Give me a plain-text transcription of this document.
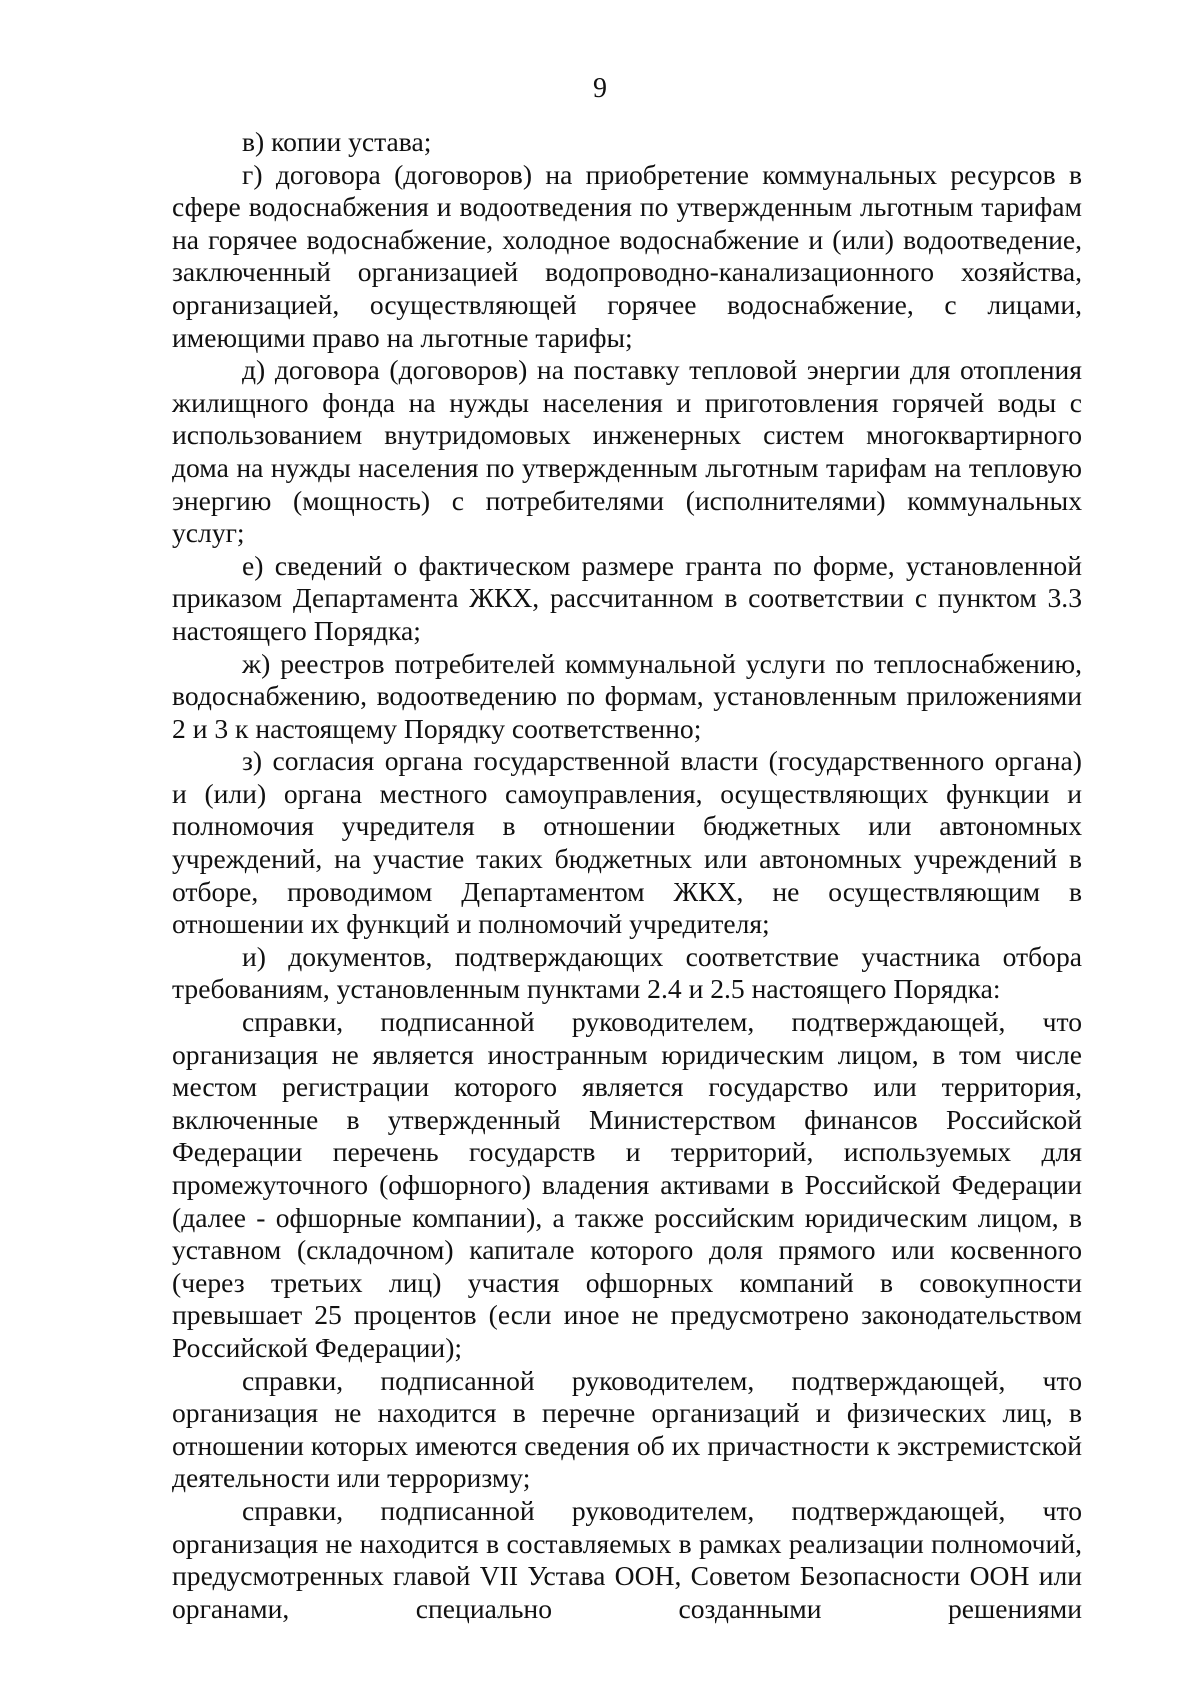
9

в) копии устава;

г) договора (договоров) на приобретение коммунальных ресурсов в сфере водоснабжения и водоотведения по утвержденным льготным тарифам на горячее водоснабжение, холодное водоснабжение и (или) водоотведение, заключенный организацией водопроводно-канализационного хозяйства, организацией, осуществляющей горячее водоснабжение, с лицами, имеющими право на льготные тарифы;

д) договора (договоров) на поставку тепловой энергии для отопления жилищного фонда на нужды населения и приготовления горячей воды с использованием внутридомовых инженерных систем многоквартирного дома на нужды населения по утвержденным льготным тарифам на тепловую энергию (мощность) с потребителями (исполнителями) коммунальных услуг;

е) сведений о фактическом размере гранта по форме, установленной приказом Департамента ЖКХ, рассчитанном в соответствии с пунктом 3.3 настоящего Порядка;

ж) реестров потребителей коммунальной услуги по теплоснабжению, водоснабжению, водоотведению по формам, установленным приложениями 2 и 3 к настоящему Порядку соответственно;

з) согласия органа государственной власти (государственного органа) и (или) органа местного самоуправления, осуществляющих функции и полномочия учредителя в отношении бюджетных или автономных учреждений, на участие таких бюджетных или автономных учреждений в отборе, проводимом Департаментом ЖКХ, не осуществляющим в отношении их функций и полномочий учредителя;

и) документов, подтверждающих соответствие участника отбора требованиям, установленным пунктами 2.4 и 2.5 настоящего Порядка:

справки, подписанной руководителем, подтверждающей, что организация не является иностранным юридическим лицом, в том числе местом регистрации которого является государство или территория, включенные в утвержденный Министерством финансов Российской Федерации перечень государств и территорий, используемых для промежуточного (офшорного) владения активами в Российской Федерации (далее - офшорные компании), а также российским юридическим лицом, в уставном (складочном) капитале которого доля прямого или косвенного (через третьих лиц) участия офшорных компаний в совокупности превышает 25 процентов (если иное не предусмотрено законодательством Российской Федерации);

справки, подписанной руководителем, подтверждающей, что организация не находится в перечне организаций и физических лиц, в отношении которых имеются сведения об их причастности к экстремистской деятельности или терроризму;

справки, подписанной руководителем, подтверждающей, что организация не находится в составляемых в рамках реализации полномочий, предусмотренных главой VII Устава ООН, Советом Безопасности ООН или органами, специально созданными решениями
